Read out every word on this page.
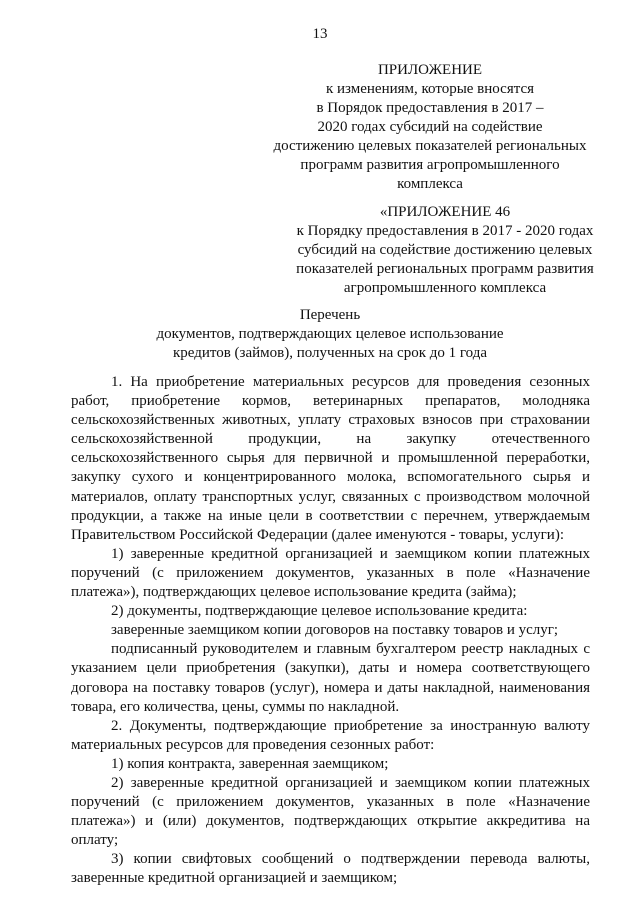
13
ПРИЛОЖЕНИЕ
к изменениям, которые вносятся
в Порядок предоставления в 2017 –
2020 годах субсидий на содействие
достижению целевых показателей региональных
программ развития агропромышленного
комплекса
«ПРИЛОЖЕНИЕ 46
к Порядку предоставления в 2017 - 2020 годах
субсидий на содействие достижению целевых
показателей региональных программ развития
агропромышленного комплекса
Перечень
документов, подтверждающих целевое использование
кредитов (займов), полученных на срок до 1 года

1. На приобретение материальных ресурсов для проведения сезонных работ, приобретение кормов, ветеринарных препаратов, молодняка сельскохозяйственных животных, уплату страховых взносов при страховании сельскохозяйственной продукции, на закупку отечественного сельскохозяйственного сырья для первичной и промышленной переработки, закупку сухого и концентрированного молока, вспомогательного сырья и материалов, оплату транспортных услуг, связанных с производством молочной продукции, а также на иные цели в соответствии с перечнем, утверждаемым Правительством Российской Федерации (далее именуются - товары, услуги):

1) заверенные кредитной организацией и заемщиком копии платежных поручений (с приложением документов, указанных в поле «Назначение платежа»), подтверждающих целевое использование кредита (займа);

2) документы, подтверждающие целевое использование кредита:

заверенные заемщиком копии договоров на поставку товаров и услуг;

подписанный руководителем и главным бухгалтером реестр накладных с указанием цели приобретения (закупки), даты и номера соответствующего договора на поставку товаров (услуг), номера и даты накладной, наименования товара, его количества, цены, суммы по накладной.

2. Документы, подтверждающие приобретение за иностранную валюту материальных ресурсов для проведения сезонных работ:

1) копия контракта, заверенная заемщиком;

2) заверенные кредитной организацией и заемщиком копии платежных поручений (с приложением документов, указанных в поле «Назначение платежа») и (или) документов, подтверждающих открытие аккредитива на оплату;

3) копии свифтовых сообщений о подтверждении перевода валюты, заверенные кредитной организацией и заемщиком;
